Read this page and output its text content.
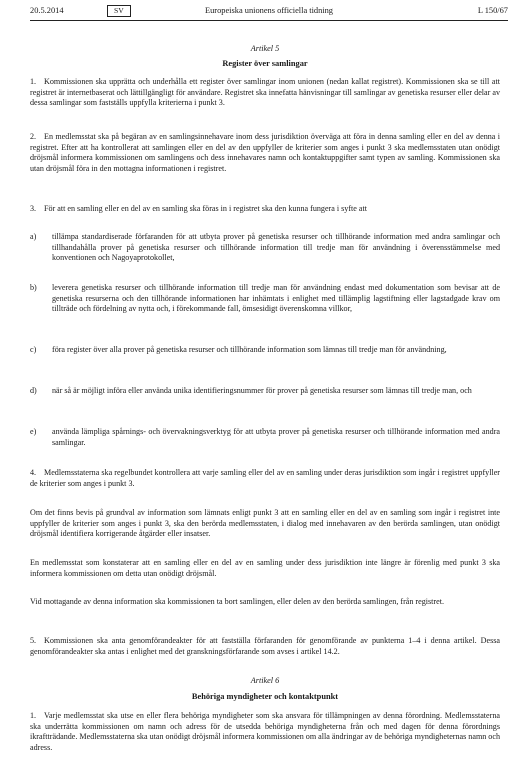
20.5.2014	SV	Europeiska unionens officiella tidning	L 150/67
Artikel 5
Register över samlingar

1. Kommissionen ska upprätta och underhålla ett register över samlingar inom unionen (nedan kallat registret). Kommissionen ska se till att registret är internetbaserat och lättillgängligt för användare. Registret ska innefatta hänvisningar till samlingar av genetiska resurser eller delar av dessa samlingar som fastställs uppfylla kriterierna i punkt 3.

2. En medlemsstat ska på begäran av en samlingsinnehavare inom dess jurisdiktion överväga att föra in denna samling eller en del av denna i registret. Efter att ha kontrollerat att samlingen eller en del av den uppfyller de kriterier som anges i punkt 3 ska medlemsstaten utan onödigt dröjsmål informera kommissionen om samlingens och dess innehavares namn och kontaktuppgifter samt typen av samling. Kommissionen ska utan dröjsmål föra in den mottagna informationen i registret.

3. För att en samling eller en del av en samling ska föras in i registret ska den kunna fungera i syfte att

a) tillämpa standardiserade förfaranden för att utbyta prover på genetiska resurser och tillhörande information med andra samlingar och tillhandahålla prover på genetiska resurser och tillhörande information till tredje man för användning i överensstämmelse med konventionen och Nagoyaprotokollet,
b) leverera genetiska resurser och tillhörande information till tredje man för användning endast med dokumentation som bevisar att de genetiska resurserna och den tillhörande informationen har inhämtats i enlighet med tillämplig lagstiftning eller lagstadgade krav om tillträde och fördelning av nytta och, i förekommande fall, ömsesidigt överenskomna villkor,
c) föra register över alla prover på genetiska resurser och tillhörande information som lämnas till tredje man för användning,
d) när så är möjligt införa eller använda unika identifieringsnummer för prover på genetiska resurser som lämnas till tredje man, och
e) använda lämpliga spårnings- och övervakningsverktyg för att utbyta prover på genetiska resurser och tillhörande information med andra samlingar.

4. Medlemsstaterna ska regelbundet kontrollera att varje samling eller del av en samling under deras jurisdiktion som ingår i registret uppfyller de kriterier som anges i punkt 3.

Om det finns bevis på grundval av information som lämnats enligt punkt 3 att en samling eller en del av en samling som ingår i registret inte uppfyller de kriterier som anges i punkt 3, ska den berörda medlemsstaten, i dialog med innehavaren av den berörda samlingen, utan onödigt dröjsmål identifiera korrigerande åtgärder eller insatser.

En medlemsstat som konstaterar att en samling eller en del av en samling under dess jurisdiktion inte längre är förenlig med punkt 3 ska informera kommissionen om detta utan onödigt dröjsmål.

Vid mottagande av denna information ska kommissionen ta bort samlingen, eller delen av den berörda samlingen, från registret.

5. Kommissionen ska anta genomförandeakter för att fastställa förfaranden för genomförande av punkterna 1–4 i denna artikel. Dessa genomförandeakter ska antas i enlighet med det granskningsförfarande som avses i artikel 14.2.

Artikel 6
Behöriga myndigheter och kontaktpunkt

1. Varje medlemsstat ska utse en eller flera behöriga myndigheter som ska ansvara för tillämpningen av denna förordning. Medlemsstaterna ska underrätta kommissionen om namn och adress för de utsedda behöriga myndigheterna från och med dagen för denna förordnings ikraftträdande. Medlemsstaterna ska utan onödigt dröjsmål informera kommissionen om alla ändringar av de behöriga myndigheternas namn och adress.
